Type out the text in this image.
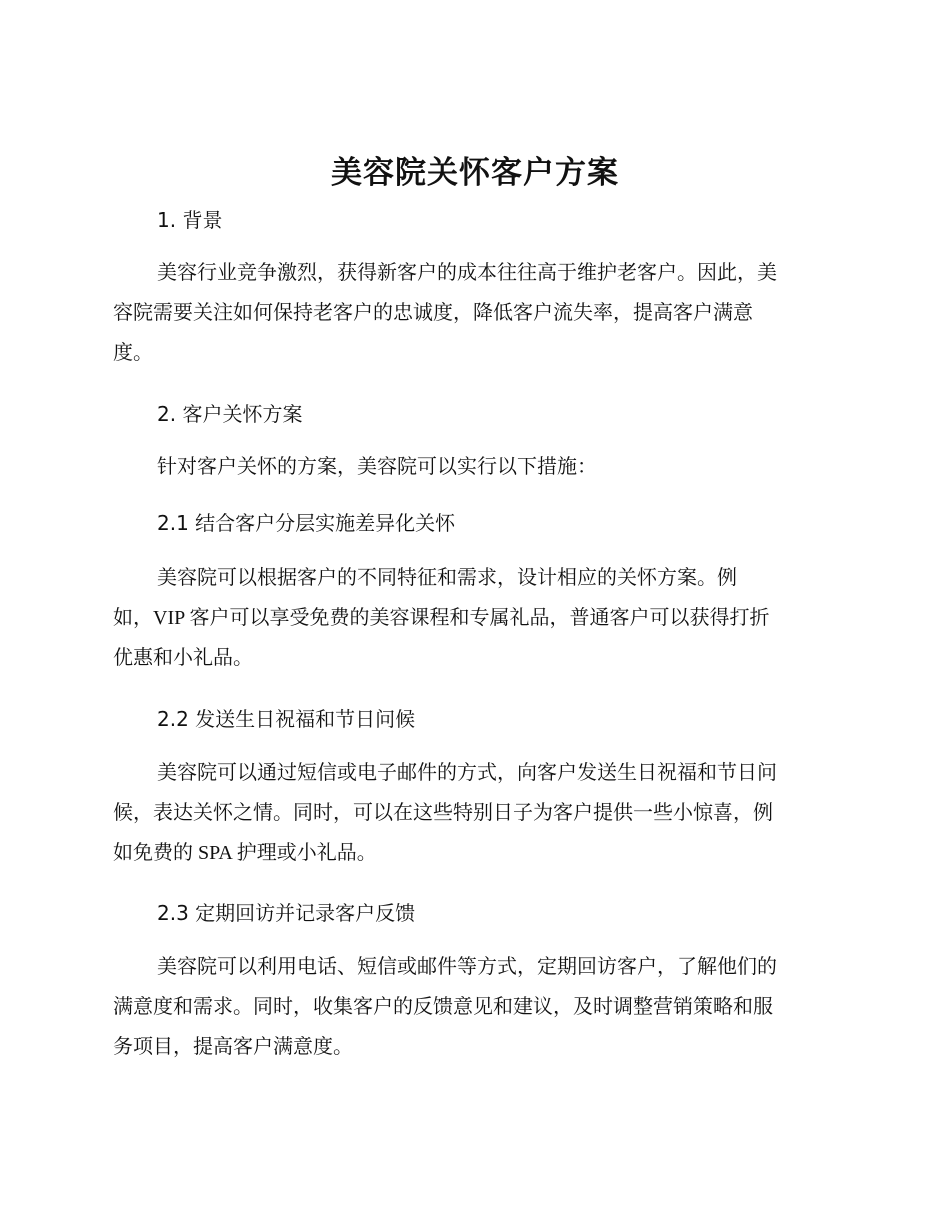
美容院关怀客户方案
1. 背景
美容行业竞争激烈，获得新客户的成本往往高于维护老客户。因此，美
容院需要关注如何保持老客户的忠诚度，降低客户流失率，提高客户满意
度。
2. 客户关怀方案
针对客户关怀的方案，美容院可以实行以下措施：
2.1 结合客户分层实施差异化关怀
美容院可以根据客户的不同特征和需求，设计相应的关怀方案。例
如，VIP 客户可以享受免费的美容课程和专属礼品，普通客户可以获得打折
优惠和小礼品。
2.2 发送生日祝福和节日问候
美容院可以通过短信或电子邮件的方式，向客户发送生日祝福和节日问
候，表达关怀之情。同时，可以在这些特别日子为客户提供一些小惊喜，例
如免费的 SPA 护理或小礼品。
2.3 定期回访并记录客户反馈
美容院可以利用电话、短信或邮件等方式，定期回访客户，了解他们的
满意度和需求。同时，收集客户的反馈意见和建议，及时调整营销策略和服
务项目，提高客户满意度。
